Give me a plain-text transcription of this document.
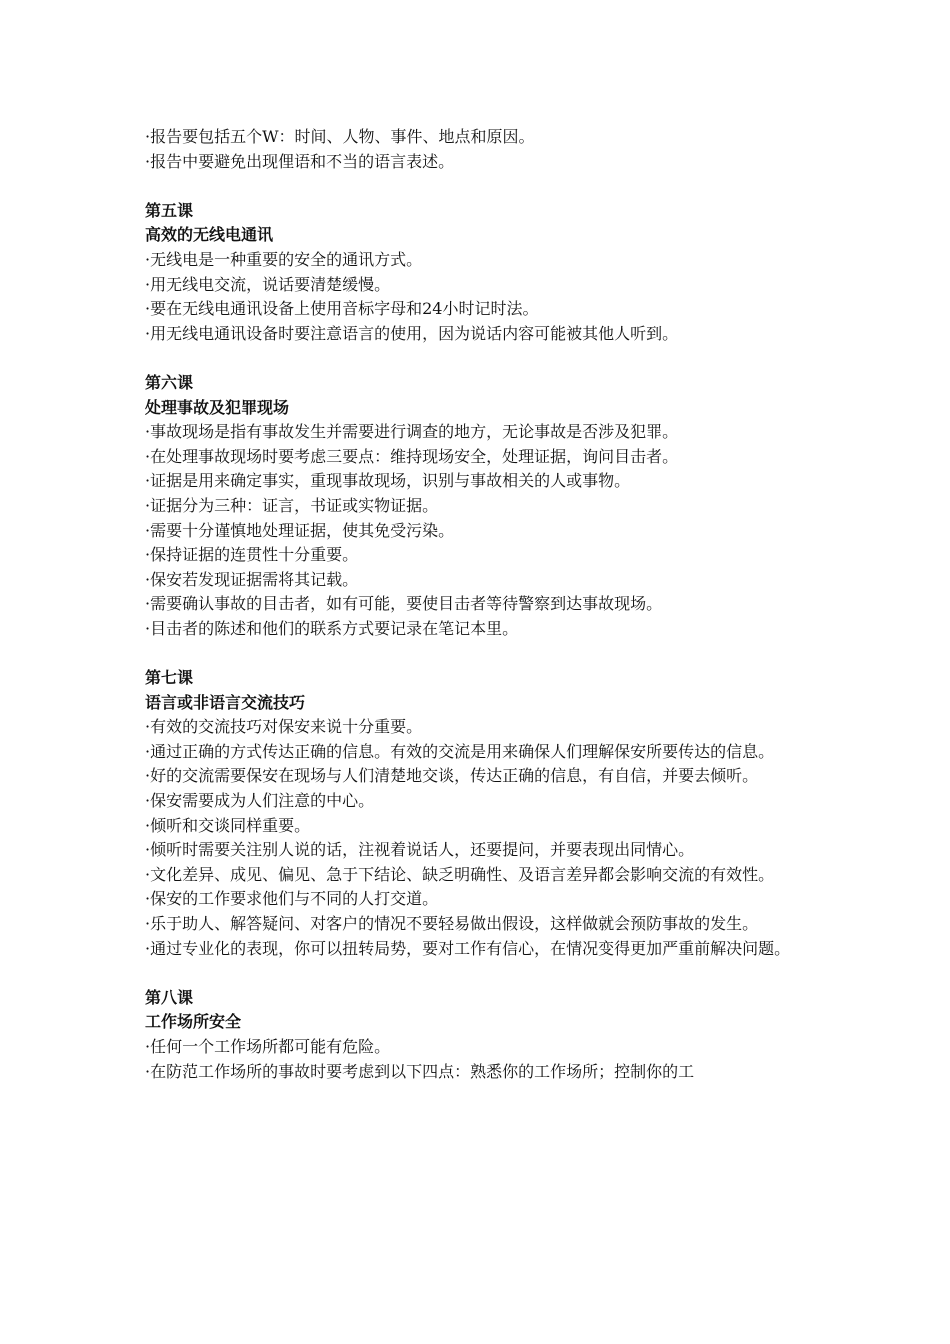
·报告要包括五个W：时间、人物、事件、地点和原因。
·报告中要避免出现俚语和不当的语言表述。
第五课
高效的无线电通讯
·无线电是一种重要的安全的通讯方式。
·用无线电交流，说话要清楚缓慢。
·要在无线电通讯设备上使用音标字母和24小时记时法。
·用无线电通讯设备时要注意语言的使用，因为说话内容可能被其他人听到。
第六课
处理事故及犯罪现场
·事故现场是指有事故发生并需要进行调查的地方，无论事故是否涉及犯罪。
·在处理事故现场时要考虑三要点：维持现场安全，处理证据，询问目击者。
·证据是用来确定事实，重现事故现场，识别与事故相关的人或事物。
·证据分为三种：证言，书证或实物证据。
·需要十分谨慎地处理证据，使其免受污染。
·保持证据的连贯性十分重要。
·保安若发现证据需将其记载。
·需要确认事故的目击者，如有可能，要使目击者等待警察到达事故现场。
·目击者的陈述和他们的联系方式要记录在笔记本里。
第七课
语言或非语言交流技巧
·有效的交流技巧对保安来说十分重要。
·通过正确的方式传达正确的信息。有效的交流是用来确保人们理解保安所要传达的信息。
·好的交流需要保安在现场与人们清楚地交谈，传达正确的信息，有自信，并要去倾听。
·保安需要成为人们注意的中心。
·倾听和交谈同样重要。
·倾听时需要关注别人说的话，注视着说话人，还要提问，并要表现出同情心。
·文化差异、成见、偏见、急于下结论、缺乏明确性、及语言差异都会影响交流的有效性。
·保安的工作要求他们与不同的人打交道。
·乐于助人、解答疑问、对客户的情况不要轻易做出假设，这样做就会预防事故的发生。
·通过专业化的表现，你可以扭转局势，要对工作有信心，在情况变得更加严重前解决问题。
第八课
工作场所安全
·任何一个工作场所都可能有危险。
·在防范工作场所的事故时要考虑到以下四点：熟悉你的工作场所；控制你的工
